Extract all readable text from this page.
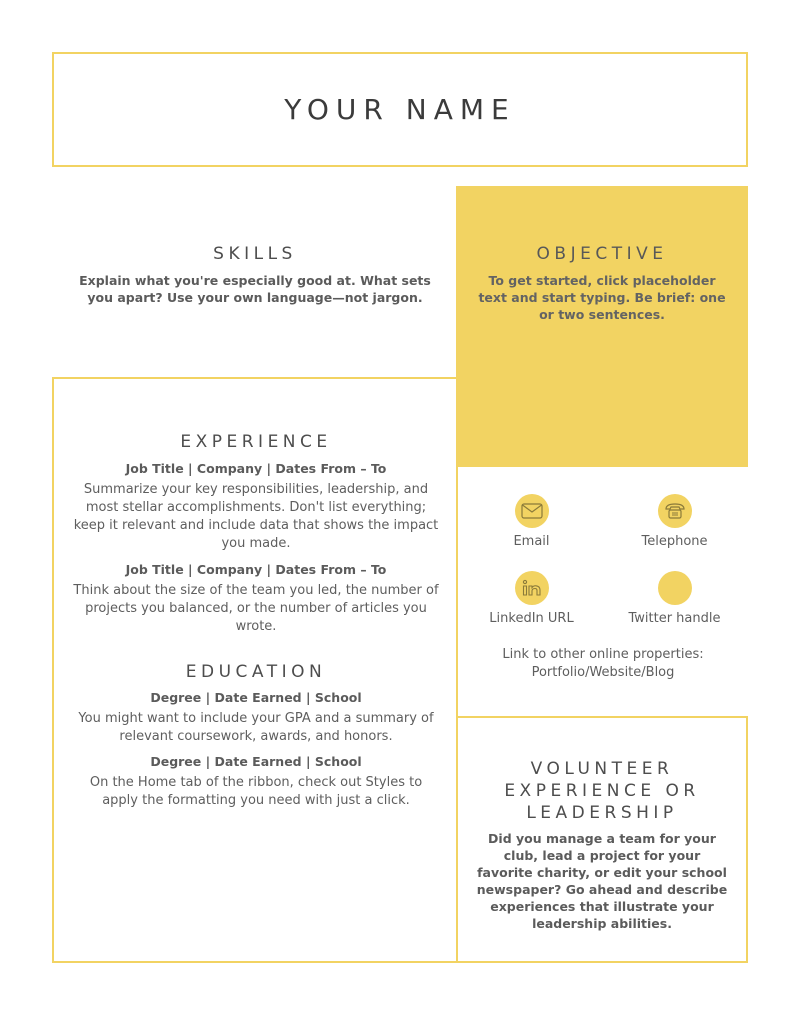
YOUR NAME
SKILLS
Explain what you're especially good at. What sets you apart? Use your own language—not jargon.
OBJECTIVE
To get started, click placeholder text and start typing. Be brief: one or two sentences.
EXPERIENCE
Job Title | Company | Dates From – To
Summarize your key responsibilities, leadership, and most stellar accomplishments. Don't list everything; keep it relevant and include data that shows the impact you made.
Job Title | Company | Dates From – To
Think about the size of the team you led, the number of projects you balanced, or the number of articles you wrote.
EDUCATION
Degree | Date Earned | School
You might want to include your GPA and a summary of relevant coursework, awards, and honors.
Degree | Date Earned | School
On the Home tab of the ribbon, check out Styles to apply the formatting you need with just a click.
Email	Telephone
LinkedIn URL	Twitter handle
Link to other online properties:
Portfolio/Website/Blog
VOLUNTEER EXPERIENCE OR LEADERSHIP
Did you manage a team for your club, lead a project for your favorite charity, or edit your school newspaper? Go ahead and describe experiences that illustrate your leadership abilities.
